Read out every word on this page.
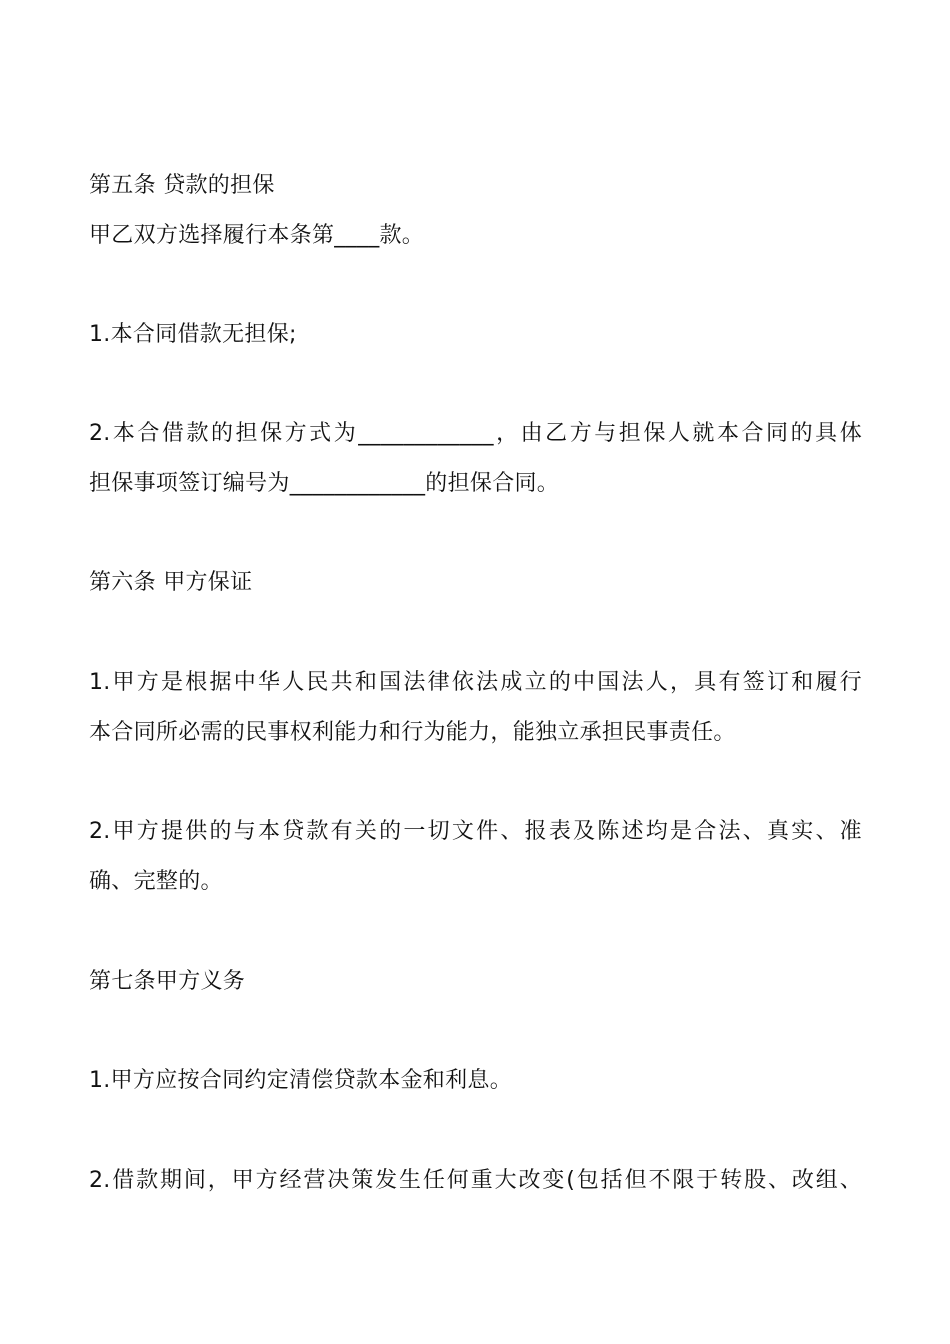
第五条 贷款的担保

甲乙双方选择履行本条第____款。

1.本合同借款无担保;

2.本合借款的担保方式为____________，由乙方与担保人就本合同的具体

担保事项签订编号为____________的担保合同。

第六条 甲方保证

1.甲方是根据中华人民共和国法律依法成立的中国法人，具有签订和履行

本合同所必需的民事权利能力和行为能力，能独立承担民事责任。

2.甲方提供的与本贷款有关的一切文件、报表及陈述均是合法、真实、准

确、完整的。

第七条甲方义务

1.甲方应按合同约定清偿贷款本金和利息。

2.借款期间，甲方经营决策发生任何重大改变(包括但不限于转股、改组、
